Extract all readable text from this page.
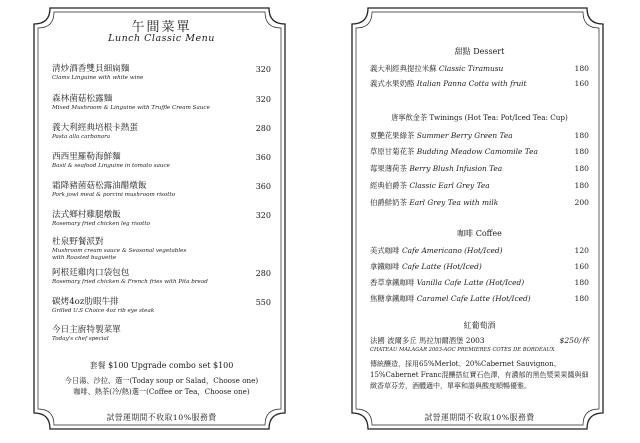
午間菜單
Lunch Classic Menu
清炒酒香雙貝細扁麵
Clams Linguine with white wine
320
森林菌菇松露麵
Mixed Mushroom & Linguine with Truffle Cream Sauce
320
義大利經典培根卡熱蛋
Pasta alla carbonara
280
西西里羅勒海鮮麵
Basil & seafood Linguine in tomato sauce
360
霜降豬菌菇松露油醋燉飯
Pork jowl meat & porcini mushroom risotto
360
法式鄉村雞腿燉飯
Rosemary fried chicken leg risotto
320
杜泉野餐派對
Mushroom cream sauce & Seasonal vegetables
with Roasted baguette
阿根廷雞肉口袋包包
Rosemary fried chicken & French fries with Pita bread
280
碳烤4oz肋眼牛排
Grilled U.S Choice 4oz rib eye steak
550
今日主廚特製菜單
Today's chef special
套餐 $100 Upgrade combo set $100
今日湯、沙拉、選一(Today soup or Salad，Choose one)
咖啡、熱茶(冷/熱)選一(Coffee or Tea，Choose one)
試營運期間不收取10%服務費
甜點 Dessert
義大利經典提拉米蘇 Classic Tiramusu	180
義式水果奶酪 Italian Panna Cotta with fruit	160
唐寧飲金茶 Twinings (Hot Tea: Pot/Iced Tea: Cup)
夏艷花果綠茶 Summer Berry Green Tea	180
草原甘菊花茶 Budding Meadow Camomile Tea	180
莓果薄荷茶 Berry Blush Infusion Tea	180
經典伯爵茶 Classic Earl Grey Tea	180
伯爵鮮奶茶 Earl Grey Tea with milk	200
咖啡 Coffee
美式咖啡 Cafe Americano (Hot/Iced)	120
拿鐵咖啡 Cafe Latte (Hot/Iced)	160
香草拿鐵咖啡 Vanilla Cafe Latte (Hot/Iced)	180
焦糖拿鐵咖啡 Caramel Cafe Latte (Hot/Iced)	180
紅葡萄酒
法國 波爾多丘 馬拉加爾酒堡 2003	$250/杯
CHATEAU MALAGAR 2003-AOC PREMIERES COTES DE BORDEAUX
傳統釀造，採用65%Merlot、20%Cabernet Sauvignon、15%Cabernet Franc混釀搭紅寶石色澤，有濃郁的黑色漿果果醬與細緻香草芬芳，酒體適中，單寧和諧與酸度順暢優雅。
試營運期間不收取10%服務費
